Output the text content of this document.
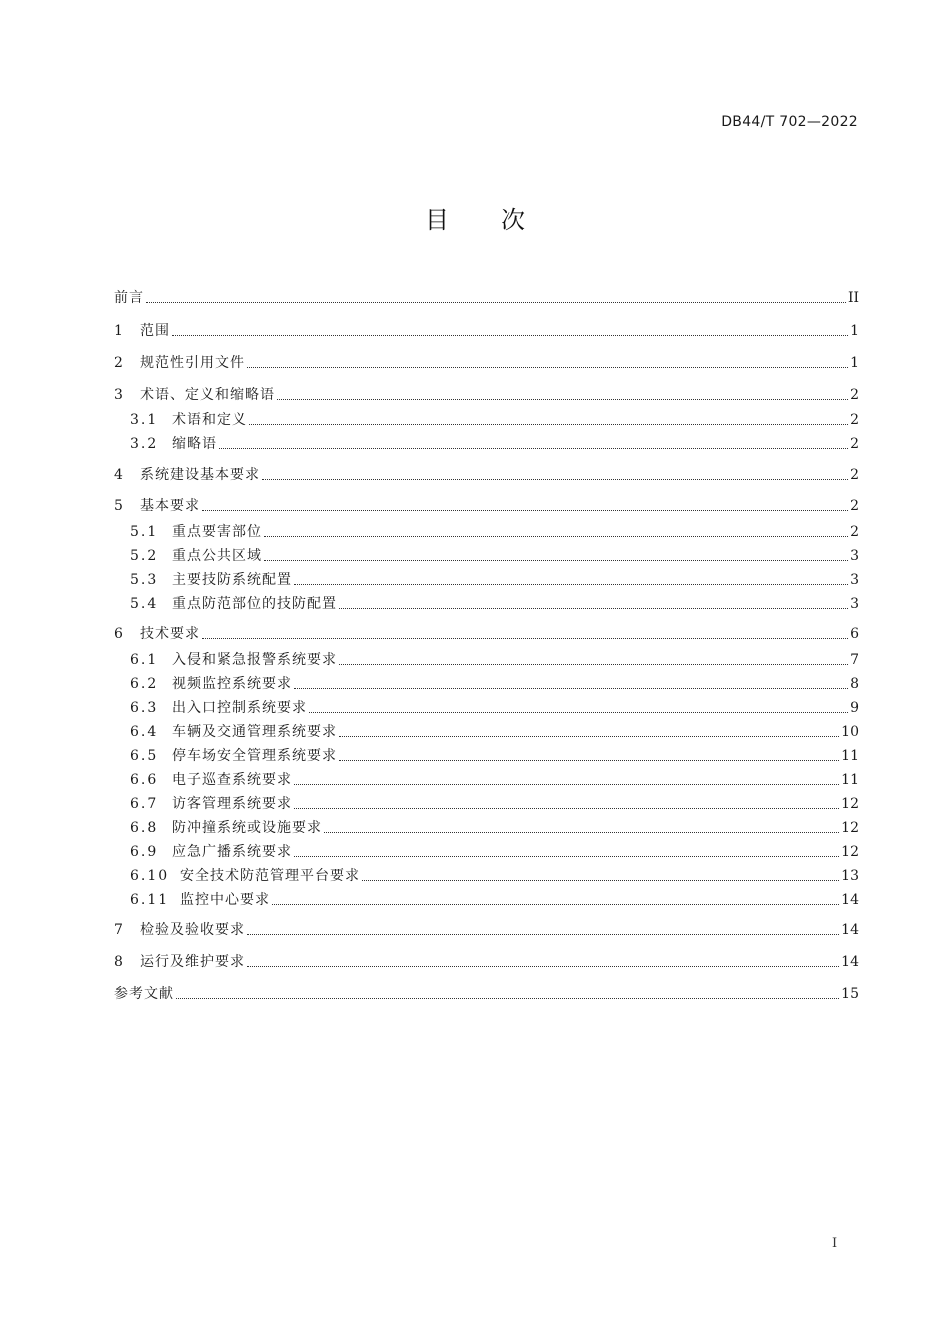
DB44/T 702—2022
目次
前言	II
1	范围	1
2	规范性引用文件	1
3	术语、定义和缩略语	2
3.1 术语和定义	2
3.2 缩略语	2
4	系统建设基本要求	2
5	基本要求	2
5.1 重点要害部位	2
5.2 重点公共区域	3
5.3 主要技防系统配置	3
5.4 重点防范部位的技防配置	3
6	技术要求	6
6.1 入侵和紧急报警系统要求	7
6.2 视频监控系统要求	8
6.3 出入口控制系统要求	9
6.4 车辆及交通管理系统要求	10
6.5 停车场安全管理系统要求	11
6.6 电子巡查系统要求	11
6.7 访客管理系统要求	12
6.8 防冲撞系统或设施要求	12
6.9 应急广播系统要求	12
6.10 安全技术防范管理平台要求	13
6.11 监控中心要求	14
7	检验及验收要求	14
8	运行及维护要求	14
参考文献	15
I
